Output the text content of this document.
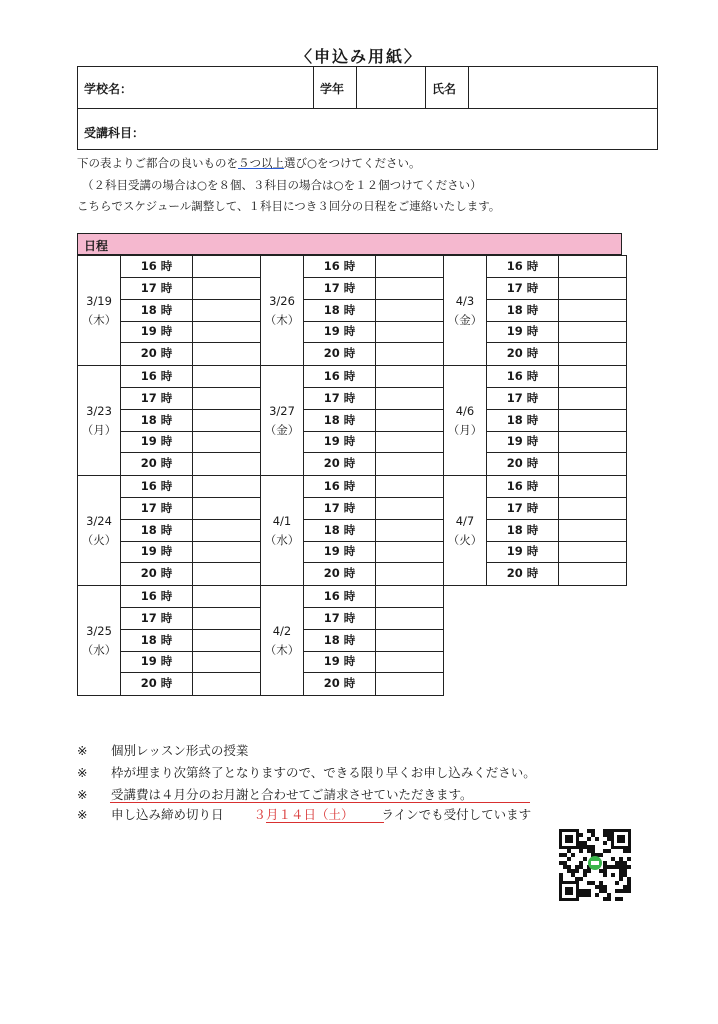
〈申込み用紙〉
学校名：	学年	氏名
受講科目：
下の表よりご都合の良いものを５つ以上選び○をつけてください。
（２科目受講の場合は○を８個、３科目の場合は○を１２個つけてください）
こちらでスケジュール調整して、１科目につき３回分の日程をご連絡いたします。
日程
3/19
（木）
16 時
17 時
18 時
19 時
20 時
3/23
（月）
16 時
17 時
18 時
19 時
20 時
3/24
（火）
16 時
17 時
18 時
19 時
20 時
3/25
（水）
16 時
17 時
18 時
19 時
20 時
3/26
（木）
16 時
17 時
18 時
19 時
20 時
3/27
（金）
16 時
17 時
18 時
19 時
20 時
4/1
（水）
16 時
17 時
18 時
19 時
20 時
4/2
（木）
16 時
17 時
18 時
19 時
20 時
4/3
（金）
16 時
17 時
18 時
19 時
20 時
4/6
（月）
16 時
17 時
18 時
19 時
20 時
4/7
（火）
16 時
17 時
18 時
19 時
20 時
※ 個別レッスン形式の授業
※ 枠が埋まり次第終了となりますので、できる限り早くお申し込みください。
※ 受講費は４月分のお月謝と合わせてご請求させていただきます。
※ 申し込み締め切り日 ３月１４日（土） ラインでも受付しています
